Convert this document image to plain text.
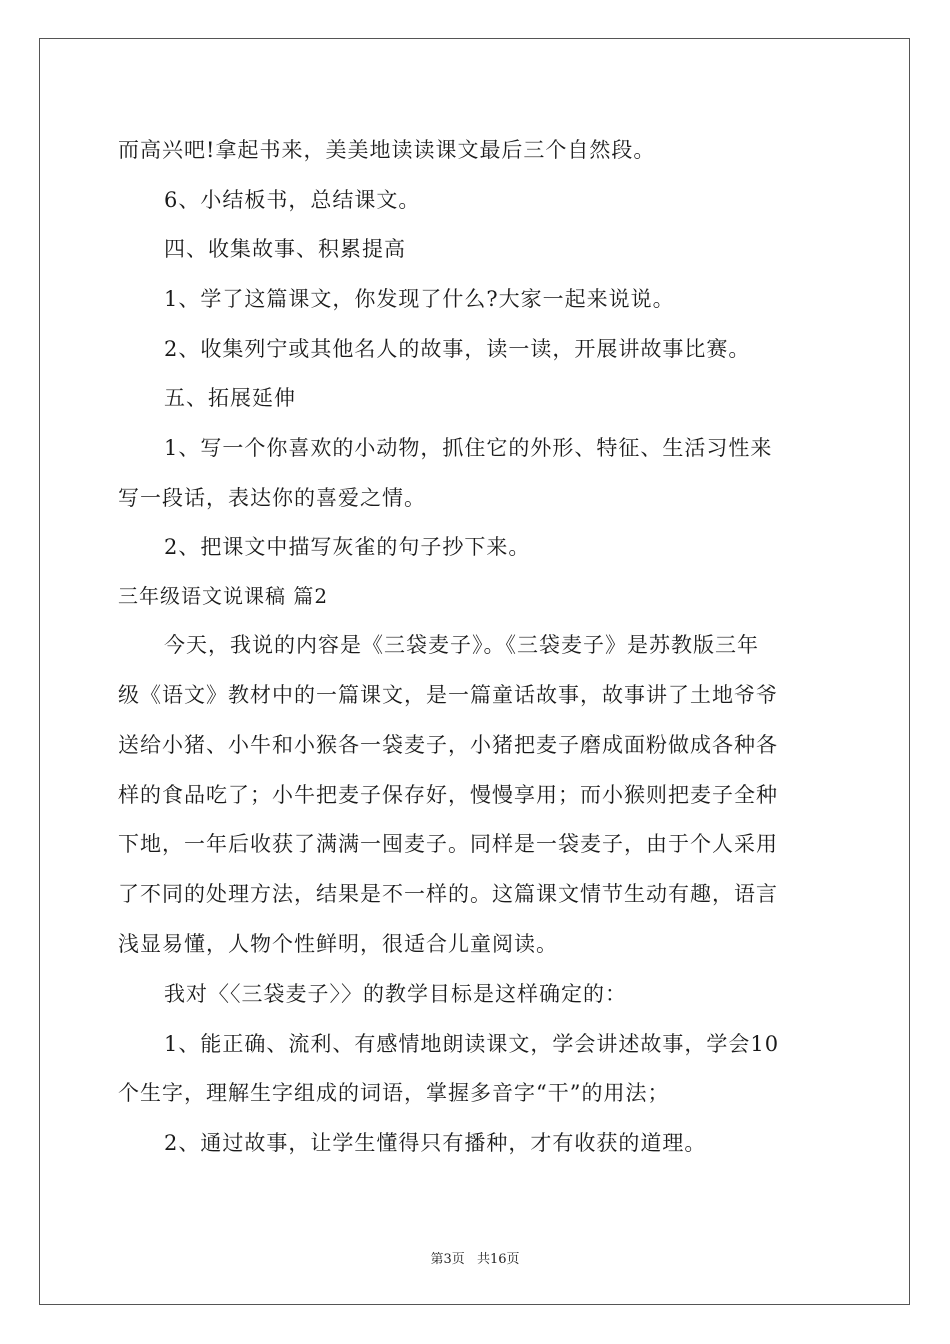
而高兴吧!拿起书来，美美地读读课文最后三个自然段。
6、小结板书，总结课文。
四、收集故事、积累提高
1、学了这篇课文，你发现了什么?大家一起来说说。
2、收集列宁或其他名人的故事，读一读，开展讲故事比赛。
五、拓展延伸
1、写一个你喜欢的小动物，抓住它的外形、特征、生活习性来
写一段话，表达你的喜爱之情。
2、把课文中描写灰雀的句子抄下来。
三年级语文说课稿 篇2
今天，我说的内容是《三袋麦子》。《三袋麦子》是苏教版三年
级《语文》教材中的一篇课文，是一篇童话故事，故事讲了土地爷爷
送给小猪、小牛和小猴各一袋麦子，小猪把麦子磨成面粉做成各种各
样的食品吃了；小牛把麦子保存好，慢慢享用；而小猴则把麦子全种
下地，一年后收获了满满一囤麦子。同样是一袋麦子，由于个人采用
了不同的处理方法，结果是不一样的。这篇课文情节生动有趣，语言
浅显易懂，人物个性鲜明，很适合儿童阅读。
我对〈〈三袋麦子〉〉的教学目标是这样确定的：
1、能正确、流利、有感情地朗读课文，学会讲述故事，学会10
个生字，理解生字组成的词语，掌握多音字“干”的用法；
2、通过故事，让学生懂得只有播种，才有收获的道理。
第3页 共16页
